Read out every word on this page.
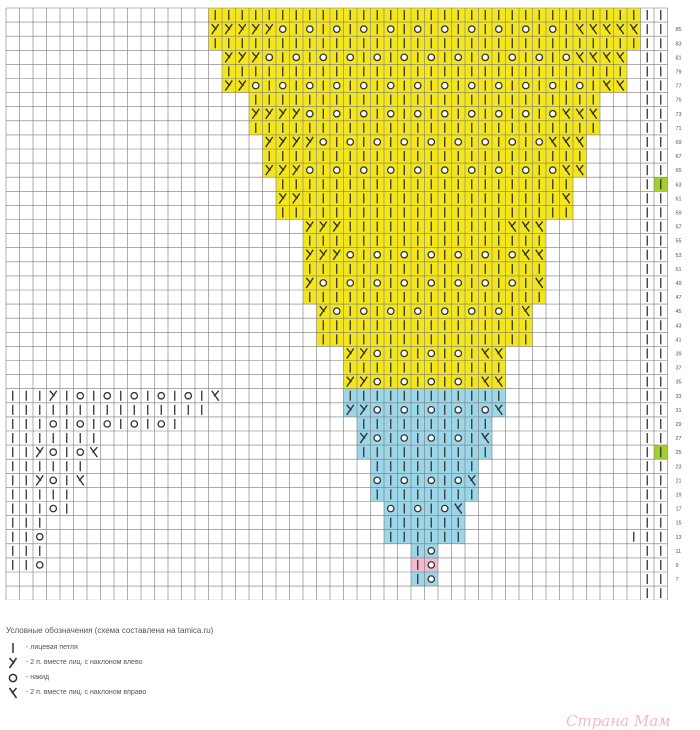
85
83
81
79
77
75
73
71
69
67
65
63
61
59
57
55
53
51
49
47
45
43
41
39
37
35
33
31
29
27
25
23
21
19
17
15
13
11
9
7
Условные обозначения (схема составлена на tamica.ru)
- лицевая петля
- 2 п. вместе лиц. с наклоном влево
- накид
- 2 п. вместе лиц. с наклоном вправо
Страна Мам
